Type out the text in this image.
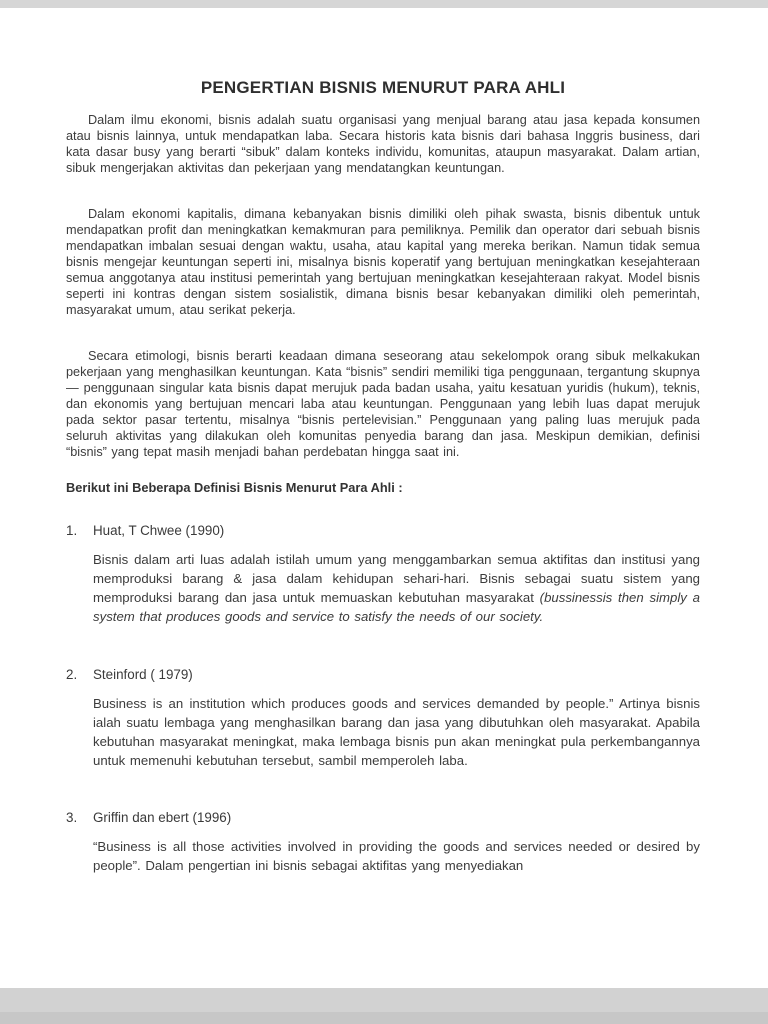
PENGERTIAN BISNIS MENURUT PARA AHLI

Dalam ilmu ekonomi, bisnis adalah suatu organisasi yang menjual barang atau jasa kepada konsumen atau bisnis lainnya, untuk mendapatkan laba. Secara historis kata bisnis dari bahasa Inggris business, dari kata dasar busy yang berarti “sibuk” dalam konteks individu, komunitas, ataupun masyarakat. Dalam artian, sibuk mengerjakan aktivitas dan pekerjaan yang mendatangkan keuntungan.

Dalam ekonomi kapitalis, dimana kebanyakan bisnis dimiliki oleh pihak swasta, bisnis dibentuk untuk mendapatkan profit dan meningkatkan kemakmuran para pemiliknya. Pemilik dan operator dari sebuah bisnis mendapatkan imbalan sesuai dengan waktu, usaha, atau kapital yang mereka berikan. Namun tidak semua bisnis mengejar keuntungan seperti ini, misalnya bisnis koperatif yang bertujuan meningkatkan kesejahteraan semua anggotanya atau institusi pemerintah yang bertujuan meningkatkan kesejahteraan rakyat. Model bisnis seperti ini kontras dengan sistem sosialistik, dimana bisnis besar kebanyakan dimiliki oleh pemerintah, masyarakat umum, atau serikat pekerja.

Secara etimologi, bisnis berarti keadaan dimana seseorang atau sekelompok orang sibuk melkakukan pekerjaan yang menghasilkan keuntungan. Kata “bisnis” sendiri memiliki tiga penggunaan, tergantung skupnya — penggunaan singular kata bisnis dapat merujuk pada badan usaha, yaitu kesatuan yuridis (hukum), teknis, dan ekonomis yang bertujuan mencari laba atau keuntungan. Penggunaan yang lebih luas dapat merujuk pada sektor pasar tertentu, misalnya “bisnis pertelevisian.” Penggunaan yang paling luas merujuk pada seluruh aktivitas yang dilakukan oleh komunitas penyedia barang dan jasa. Meskipun demikian, definisi “bisnis” yang tepat masih menjadi bahan perdebatan hingga saat ini.

Berikut ini Beberapa Definisi Bisnis Menurut Para Ahli :

1. Huat, T Chwee (1990)

Bisnis dalam arti luas adalah istilah umum yang menggambarkan semua aktifitas dan institusi yang memproduksi barang & jasa dalam kehidupan sehari-hari. Bisnis sebagai suatu sistem yang memproduksi barang dan jasa untuk memuaskan kebutuhan masyarakat (bussinessis then simply a system that produces goods and service to satisfy the needs of our society.

2. Steinford ( 1979)

Business is an institution which produces goods and services demanded by people.” Artinya bisnis ialah suatu lembaga yang menghasilkan barang dan jasa yang dibutuhkan oleh masyarakat. Apabila kebutuhan masyarakat meningkat, maka lembaga bisnis pun akan meningkat pula perkembangannya untuk memenuhi kebutuhan tersebut, sambil memperoleh laba.

3. Griffin dan ebert (1996)

“Business is all those activities involved in providing the goods and services needed or desired by people”. Dalam pengertian ini bisnis sebagai aktifitas yang menyediakan
